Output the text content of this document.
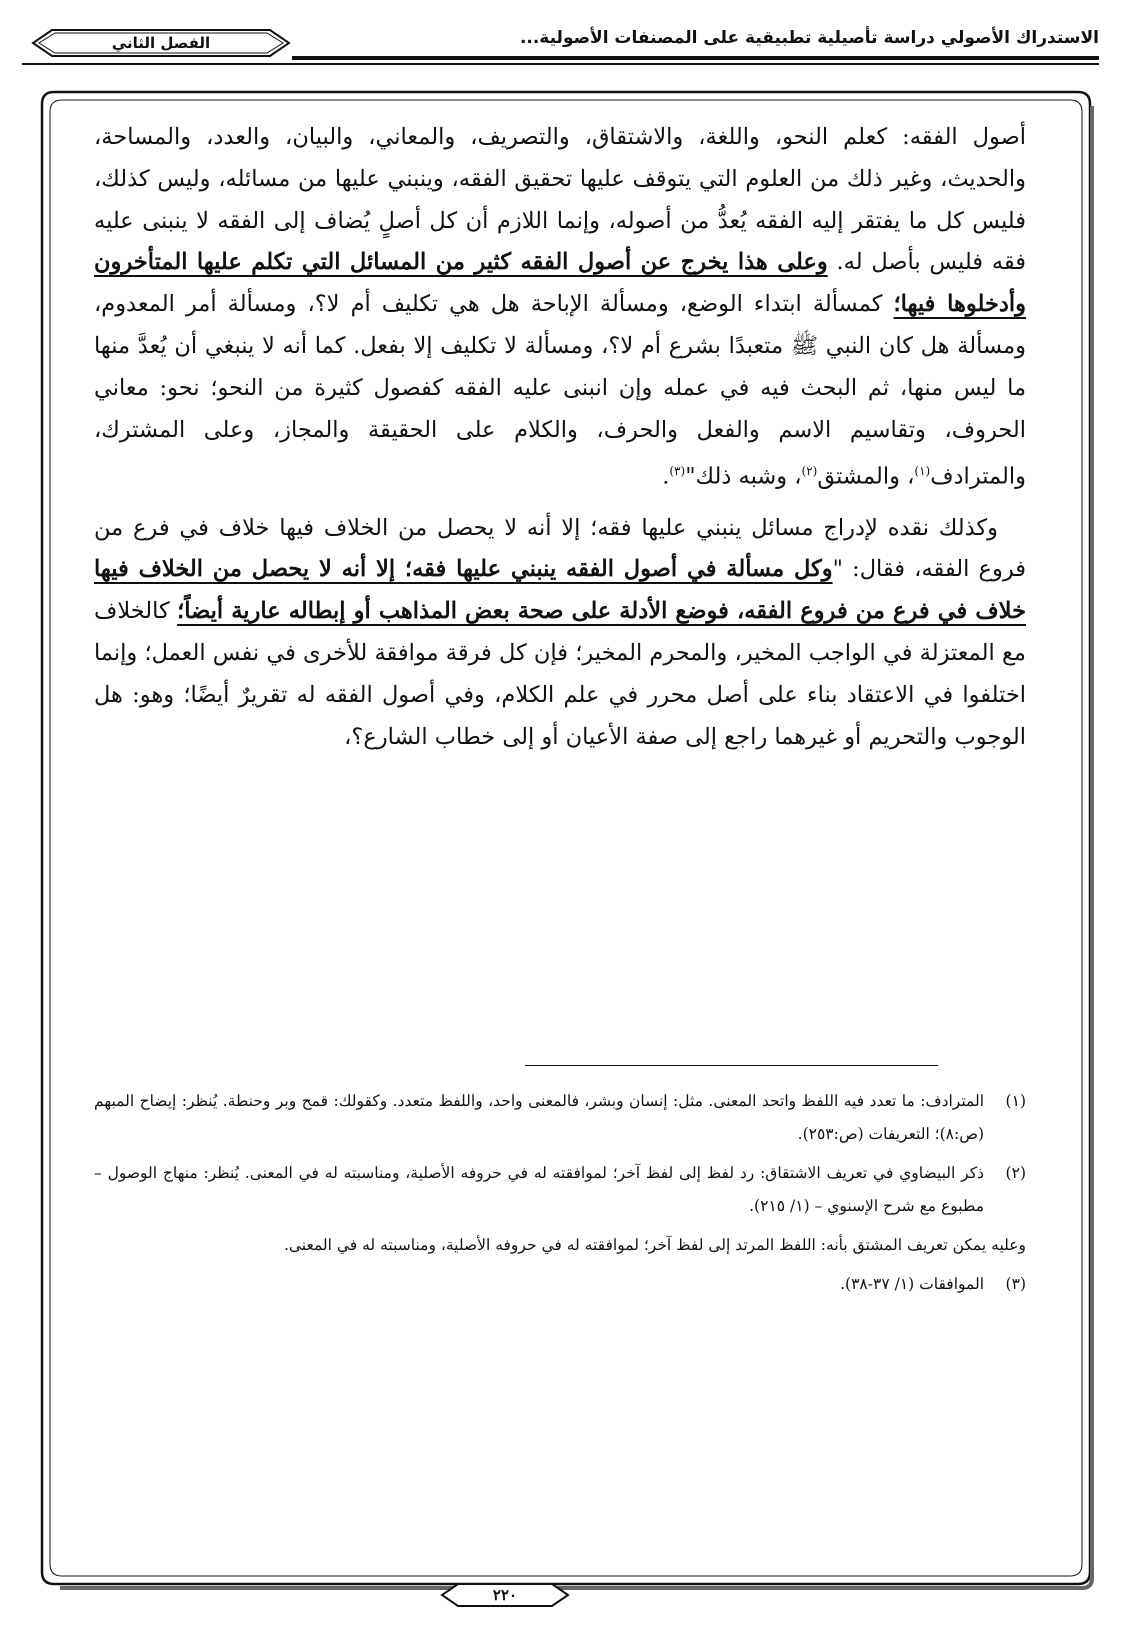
الاستدراك الأصولي دراسة تأصيلية تطبيقية على المصنفات الأصولية...
الفصل الثاني

أصول الفقه: كعلم النحو، واللغة، والاشتقاق، والتصريف، والمعاني، والبيان، والعدد، والمساحة، والحديث، وغير ذلك من العلوم التي يتوقف عليها تحقيق الفقه، وينبني عليها من مسائله، وليس كذلك، فليس كل ما يفتقر إليه الفقه يُعدُّ من أصوله، وإنما اللازم أن كل أصلٍ يُضاف إلى الفقه لا ينبنى عليه فقه فليس بأصل له. وعلى هذا يخرج عن أصول الفقه كثير من المسائل التي تكلم عليها المتأخرون وأدخلوها فيها؛ كمسألة ابتداء الوضع، ومسألة الإباحة هل هي تكليف أم لا؟، ومسألة أمر المعدوم، ومسألة هل كان النبي ﷺ متعبدًا بشرع أم لا؟، ومسألة لا تكليف إلا بفعل. كما أنه لا ينبغي أن يُعدَّ منها ما ليس منها، ثم البحث فيه في عمله وإن انبنى عليه الفقه كفصول كثيرة من النحو؛ نحو: معاني الحروف، وتقاسيم الاسم والفعل والحرف، والكلام على الحقيقة والمجاز، وعلى المشترك، والمترادف$^{(١)}$، والمشتق$^{(٢)}$، وشبه ذلك"$^{(٣)}$.

وكذلك نقده لإدراج مسائل ينبني عليها فقه؛ إلا أنه لا يحصل من الخلاف فيها خلاف في فرع من فروع الفقه، فقال: "وكل مسألة في أصول الفقه ينبني عليها فقه؛ إلا أنه لا يحصل من الخلاف فيها خلاف في فرع من فروع الفقه، فوضع الأدلة على صحة بعض المذاهب أو إبطاله عارية أيضاً؛ كالخلاف مع المعتزلة في الواجب المخير، والمحرم المخير؛ فإن كل فرقة موافقة للأخرى في نفس العمل؛ وإنما اختلفوا في الاعتقاد بناء على أصل محرر في علم الكلام، وفي أصول الفقه له تقريرٌ أيضًا؛ وهو: هل الوجوب والتحريم أو غيرهما راجع إلى صفة الأعيان أو إلى خطاب الشارع؟،

(١)
المترادف: ما تعدد فيه اللفظ واتحد المعنى. مثل: إنسان وبشر، فالمعنى واحد، واللفظ متعدد. وكقولك: قمح وبر وحنطة. يُنظر: إيضاح المبهم (ص:٨)؛ التعريفات (ص:٢٥٣).

(٢)
ذكر البيضاوي في تعريف الاشتقاق: رد لفظ إلى لفظ آخر؛ لموافقته له في حروفه الأصلية، ومناسبته له في المعنى. يُنظر: منهاج الوصول – مطبوع مع شرح الإسنوي – (١/ ٢١٥).

وعليه يمكن تعريف المشتق بأنه: اللفظ المرتد إلى لفظ آخر؛ لموافقته له في حروفه الأصلية، ومناسبته له في المعنى.

(٣)
الموافقات (١/ ٣٧-٣٨).

٢٢٠
